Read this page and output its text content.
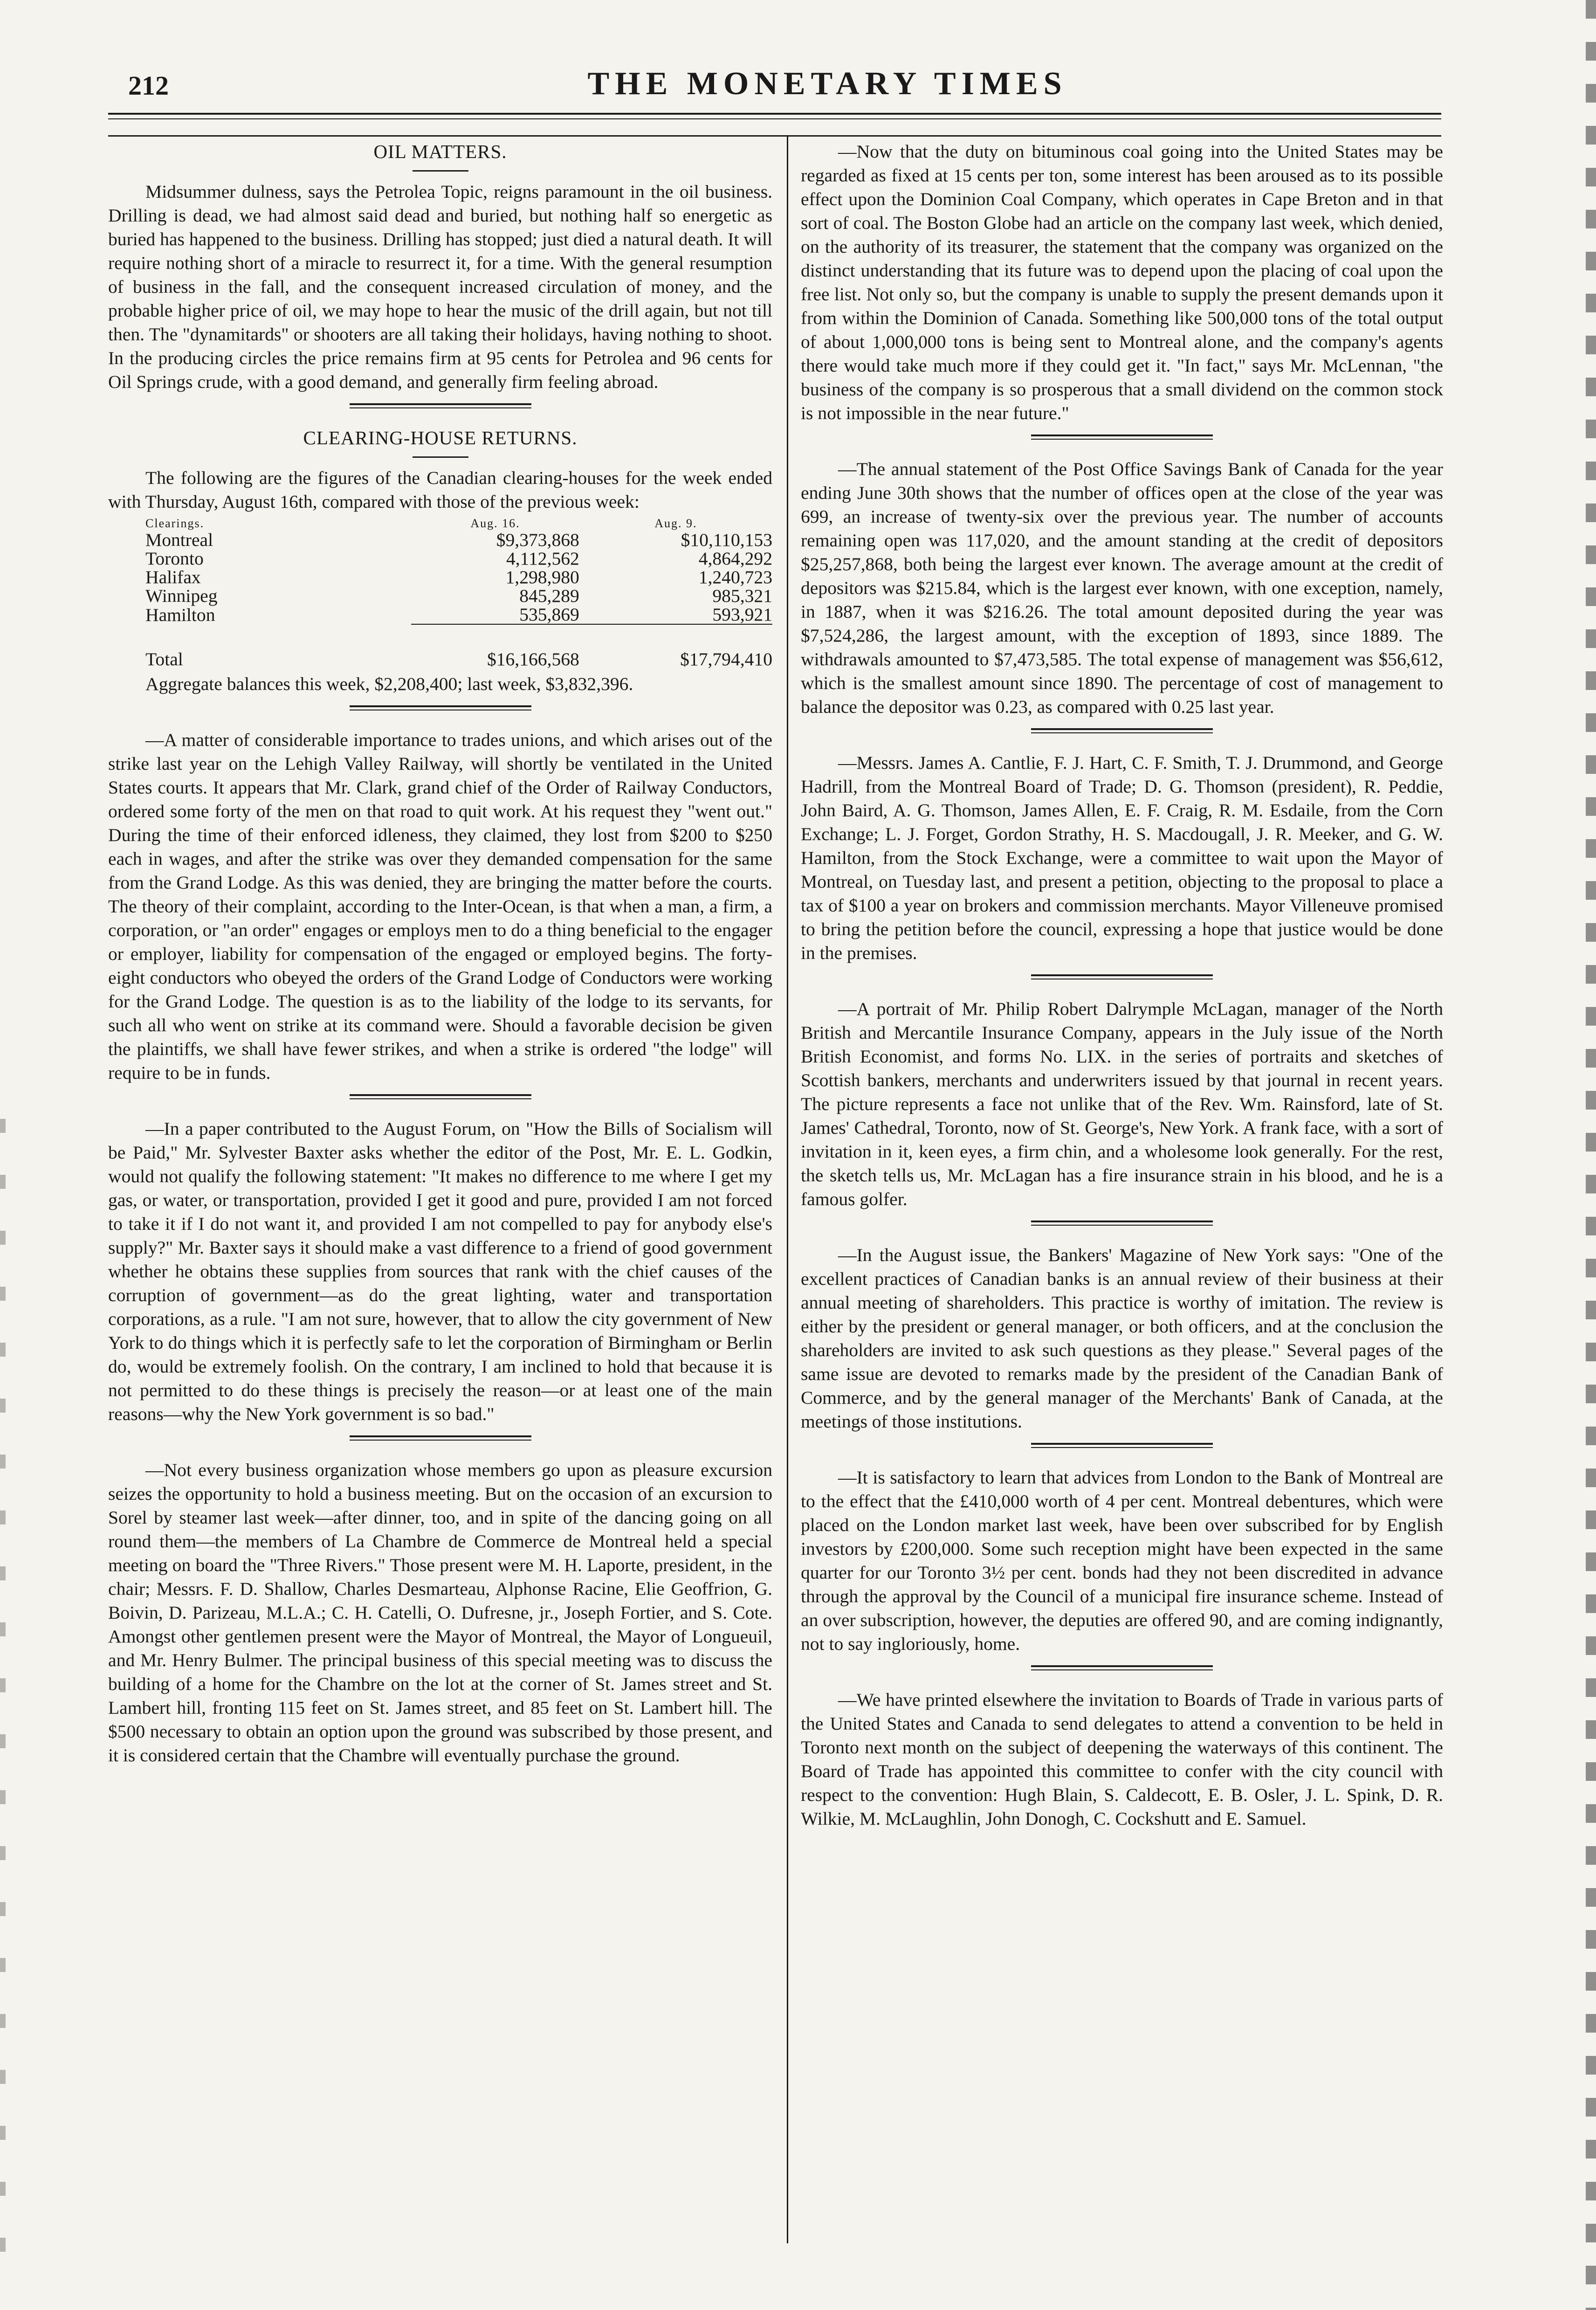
212	THE MONETARY TIMES
OIL MATTERS.

Midsummer dulness, says the Petrolea Topic, reigns paramount in the oil business. Drilling is dead, we had almost said dead and buried, but nothing half so energetic as buried has happened to the business. Drilling has stopped; just died a natural death. It will require nothing short of a miracle to resurrect it, for a time. With the general resumption of business in the fall, and the consequent increased circulation of money, and the probable higher price of oil, we may hope to hear the music of the drill again, but not till then. The "dynamitards" or shooters are all taking their holidays, having nothing to shoot. In the producing circles the price remains firm at 95 cents for Petrolea and 96 cents for Oil Springs crude, with a good demand, and generally firm feeling abroad.

CLEARING-HOUSE RETURNS.

The following are the figures of the Canadian clearing-houses for the week ended with Thursday, August 16th, compared with those of the previous week:

Clearings.	Aug. 16.	Aug. 9.
Montreal	$9,373,868	$10,110,153
Toronto	4,112,562	4,864,292
Halifax	1,298,980	1,240,723
Winnipeg	845,289	985,321
Hamilton	535,869	593,921

Total	$16,166,568	$17,794,410
Aggregate balances this week, $2,208,400; last week, $3,832,396.

—A matter of considerable importance to trades unions, and which arises out of the strike last year on the Lehigh Valley Railway, will shortly be ventilated in the United States courts. It appears that Mr. Clark, grand chief of the Order of Railway Conductors, ordered some forty of the men on that road to quit work. At his request they "went out." During the time of their enforced idleness, they claimed, they lost from $200 to $250 each in wages, and after the strike was over they demanded compensation for the same from the Grand Lodge. As this was denied, they are bringing the matter before the courts. The theory of their complaint, according to the Inter-Ocean, is that when a man, a firm, a corporation, or "an order" engages or employs men to do a thing beneficial to the engager or employer, liability for compensation of the engaged or employed begins. The forty-eight conductors who obeyed the orders of the Grand Lodge of Conductors were working for the Grand Lodge. The question is as to the liability of the lodge to its servants, for such all who went on strike at its command were. Should a favorable decision be given the plaintiffs, we shall have fewer strikes, and when a strike is ordered "the lodge" will require to be in funds.

—In a paper contributed to the August Forum, on "How the Bills of Socialism will be Paid," Mr. Sylvester Baxter asks whether the editor of the Post, Mr. E. L. Godkin, would not qualify the following statement: "It makes no difference to me where I get my gas, or water, or transportation, provided I get it good and pure, provided I am not forced to take it if I do not want it, and provided I am not compelled to pay for anybody else's supply?" Mr. Baxter says it should make a vast difference to a friend of good government whether he obtains these supplies from sources that rank with the chief causes of the corruption of government—as do the great lighting, water and transportation corporations, as a rule. "I am not sure, however, that to allow the city government of New York to do things which it is perfectly safe to let the corporation of Birmingham or Berlin do, would be extremely foolish. On the contrary, I am inclined to hold that because it is not permitted to do these things is precisely the reason—or at least one of the main reasons—why the New York government is so bad."

—Not every business organization whose members go upon as pleasure excursion seizes the opportunity to hold a business meeting. But on the occasion of an excursion to Sorel by steamer last week—after dinner, too, and in spite of the dancing going on all round them—the members of La Chambre de Commerce de Montreal held a special meeting on board the "Three Rivers." Those present were M. H. Laporte, president, in the chair; Messrs. F. D. Shallow, Charles Desmarteau, Alphonse Racine, Elie Geoffrion, G. Boivin, D. Parizeau, M.L.A.; C. H. Catelli, O. Dufresne, jr., Joseph Fortier, and S. Cote. Amongst other gentlemen present were the Mayor of Montreal, the Mayor of Longueuil, and Mr. Henry Bulmer. The principal business of this special meeting was to discuss the building of a home for the Chambre on the lot at the corner of St. James street and St. Lambert hill, fronting 115 feet on St. James street, and 85 feet on St. Lambert hill. The $500 necessary to obtain an option upon the ground was subscribed by those present, and it is considered certain that the Chambre will eventually purchase the ground.

—Now that the duty on bituminous coal going into the United States may be regarded as fixed at 15 cents per ton, some interest has been aroused as to its possible effect upon the Dominion Coal Company, which operates in Cape Breton and in that sort of coal. The Boston Globe had an article on the company last week, which denied, on the authority of its treasurer, the statement that the company was organized on the distinct understanding that its future was to depend upon the placing of coal upon the free list. Not only so, but the company is unable to supply the present demands upon it from within the Dominion of Canada. Something like 500,000 tons of the total output of about 1,000,000 tons is being sent to Montreal alone, and the company's agents there would take much more if they could get it. "In fact," says Mr. McLennan, "the business of the company is so prosperous that a small dividend on the common stock is not impossible in the near future."

—The annual statement of the Post Office Savings Bank of Canada for the year ending June 30th shows that the number of offices open at the close of the year was 699, an increase of twenty-six over the previous year. The number of accounts remaining open was 117,020, and the amount standing at the credit of depositors $25,257,868, both being the largest ever known. The average amount at the credit of depositors was $215.84, which is the largest ever known, with one exception, namely, in 1887, when it was $216.26. The total amount deposited during the year was $7,524,286, the largest amount, with the exception of 1893, since 1889. The withdrawals amounted to $7,473,585. The total expense of management was $56,612, which is the smallest amount since 1890. The percentage of cost of management to balance the depositor was 0.23, as compared with 0.25 last year.

—Messrs. James A. Cantlie, F. J. Hart, C. F. Smith, T. J. Drummond, and George Hadrill, from the Montreal Board of Trade; D. G. Thomson (president), R. Peddie, John Baird, A. G. Thomson, James Allen, E. F. Craig, R. M. Esdaile, from the Corn Exchange; L. J. Forget, Gordon Strathy, H. S. Macdougall, J. R. Meeker, and G. W. Hamilton, from the Stock Exchange, were a committee to wait upon the Mayor of Montreal, on Tuesday last, and present a petition, objecting to the proposal to place a tax of $100 a year on brokers and commission merchants. Mayor Villeneuve promised to bring the petition before the council, expressing a hope that justice would be done in the premises.

—A portrait of Mr. Philip Robert Dalrymple McLagan, manager of the North British and Mercantile Insurance Company, appears in the July issue of the North British Economist, and forms No. LIX. in the series of portraits and sketches of Scottish bankers, merchants and underwriters issued by that journal in recent years. The picture represents a face not unlike that of the Rev. Wm. Rainsford, late of St. James' Cathedral, Toronto, now of St. George's, New York. A frank face, with a sort of invitation in it, keen eyes, a firm chin, and a wholesome look generally. For the rest, the sketch tells us, Mr. McLagan has a fire insurance strain in his blood, and he is a famous golfer.

—In the August issue, the Bankers' Magazine of New York says: "One of the excellent practices of Canadian banks is an annual review of their business at their annual meeting of shareholders. This practice is worthy of imitation. The review is either by the president or general manager, or both officers, and at the conclusion the shareholders are invited to ask such questions as they please." Several pages of the same issue are devoted to remarks made by the president of the Canadian Bank of Commerce, and by the general manager of the Merchants' Bank of Canada, at the meetings of those institutions.

—It is satisfactory to learn that advices from London to the Bank of Montreal are to the effect that the £410,000 worth of 4 per cent. Montreal debentures, which were placed on the London market last week, have been over subscribed for by English investors by £200,000. Some such reception might have been expected in the same quarter for our Toronto 3½ per cent. bonds had they not been discredited in advance through the approval by the Council of a municipal fire insurance scheme. Instead of an over subscription, however, the deputies are offered 90, and are coming indignantly, not to say ingloriously, home.

—We have printed elsewhere the invitation to Boards of Trade in various parts of the United States and Canada to send delegates to attend a convention to be held in Toronto next month on the subject of deepening the waterways of this continent. The Board of Trade has appointed this committee to confer with the city council with respect to the convention: Hugh Blain, S. Caldecott, E. B. Osler, J. L. Spink, D. R. Wilkie, M. McLaughlin, John Donogh, C. Cockshutt and E. Samuel.
